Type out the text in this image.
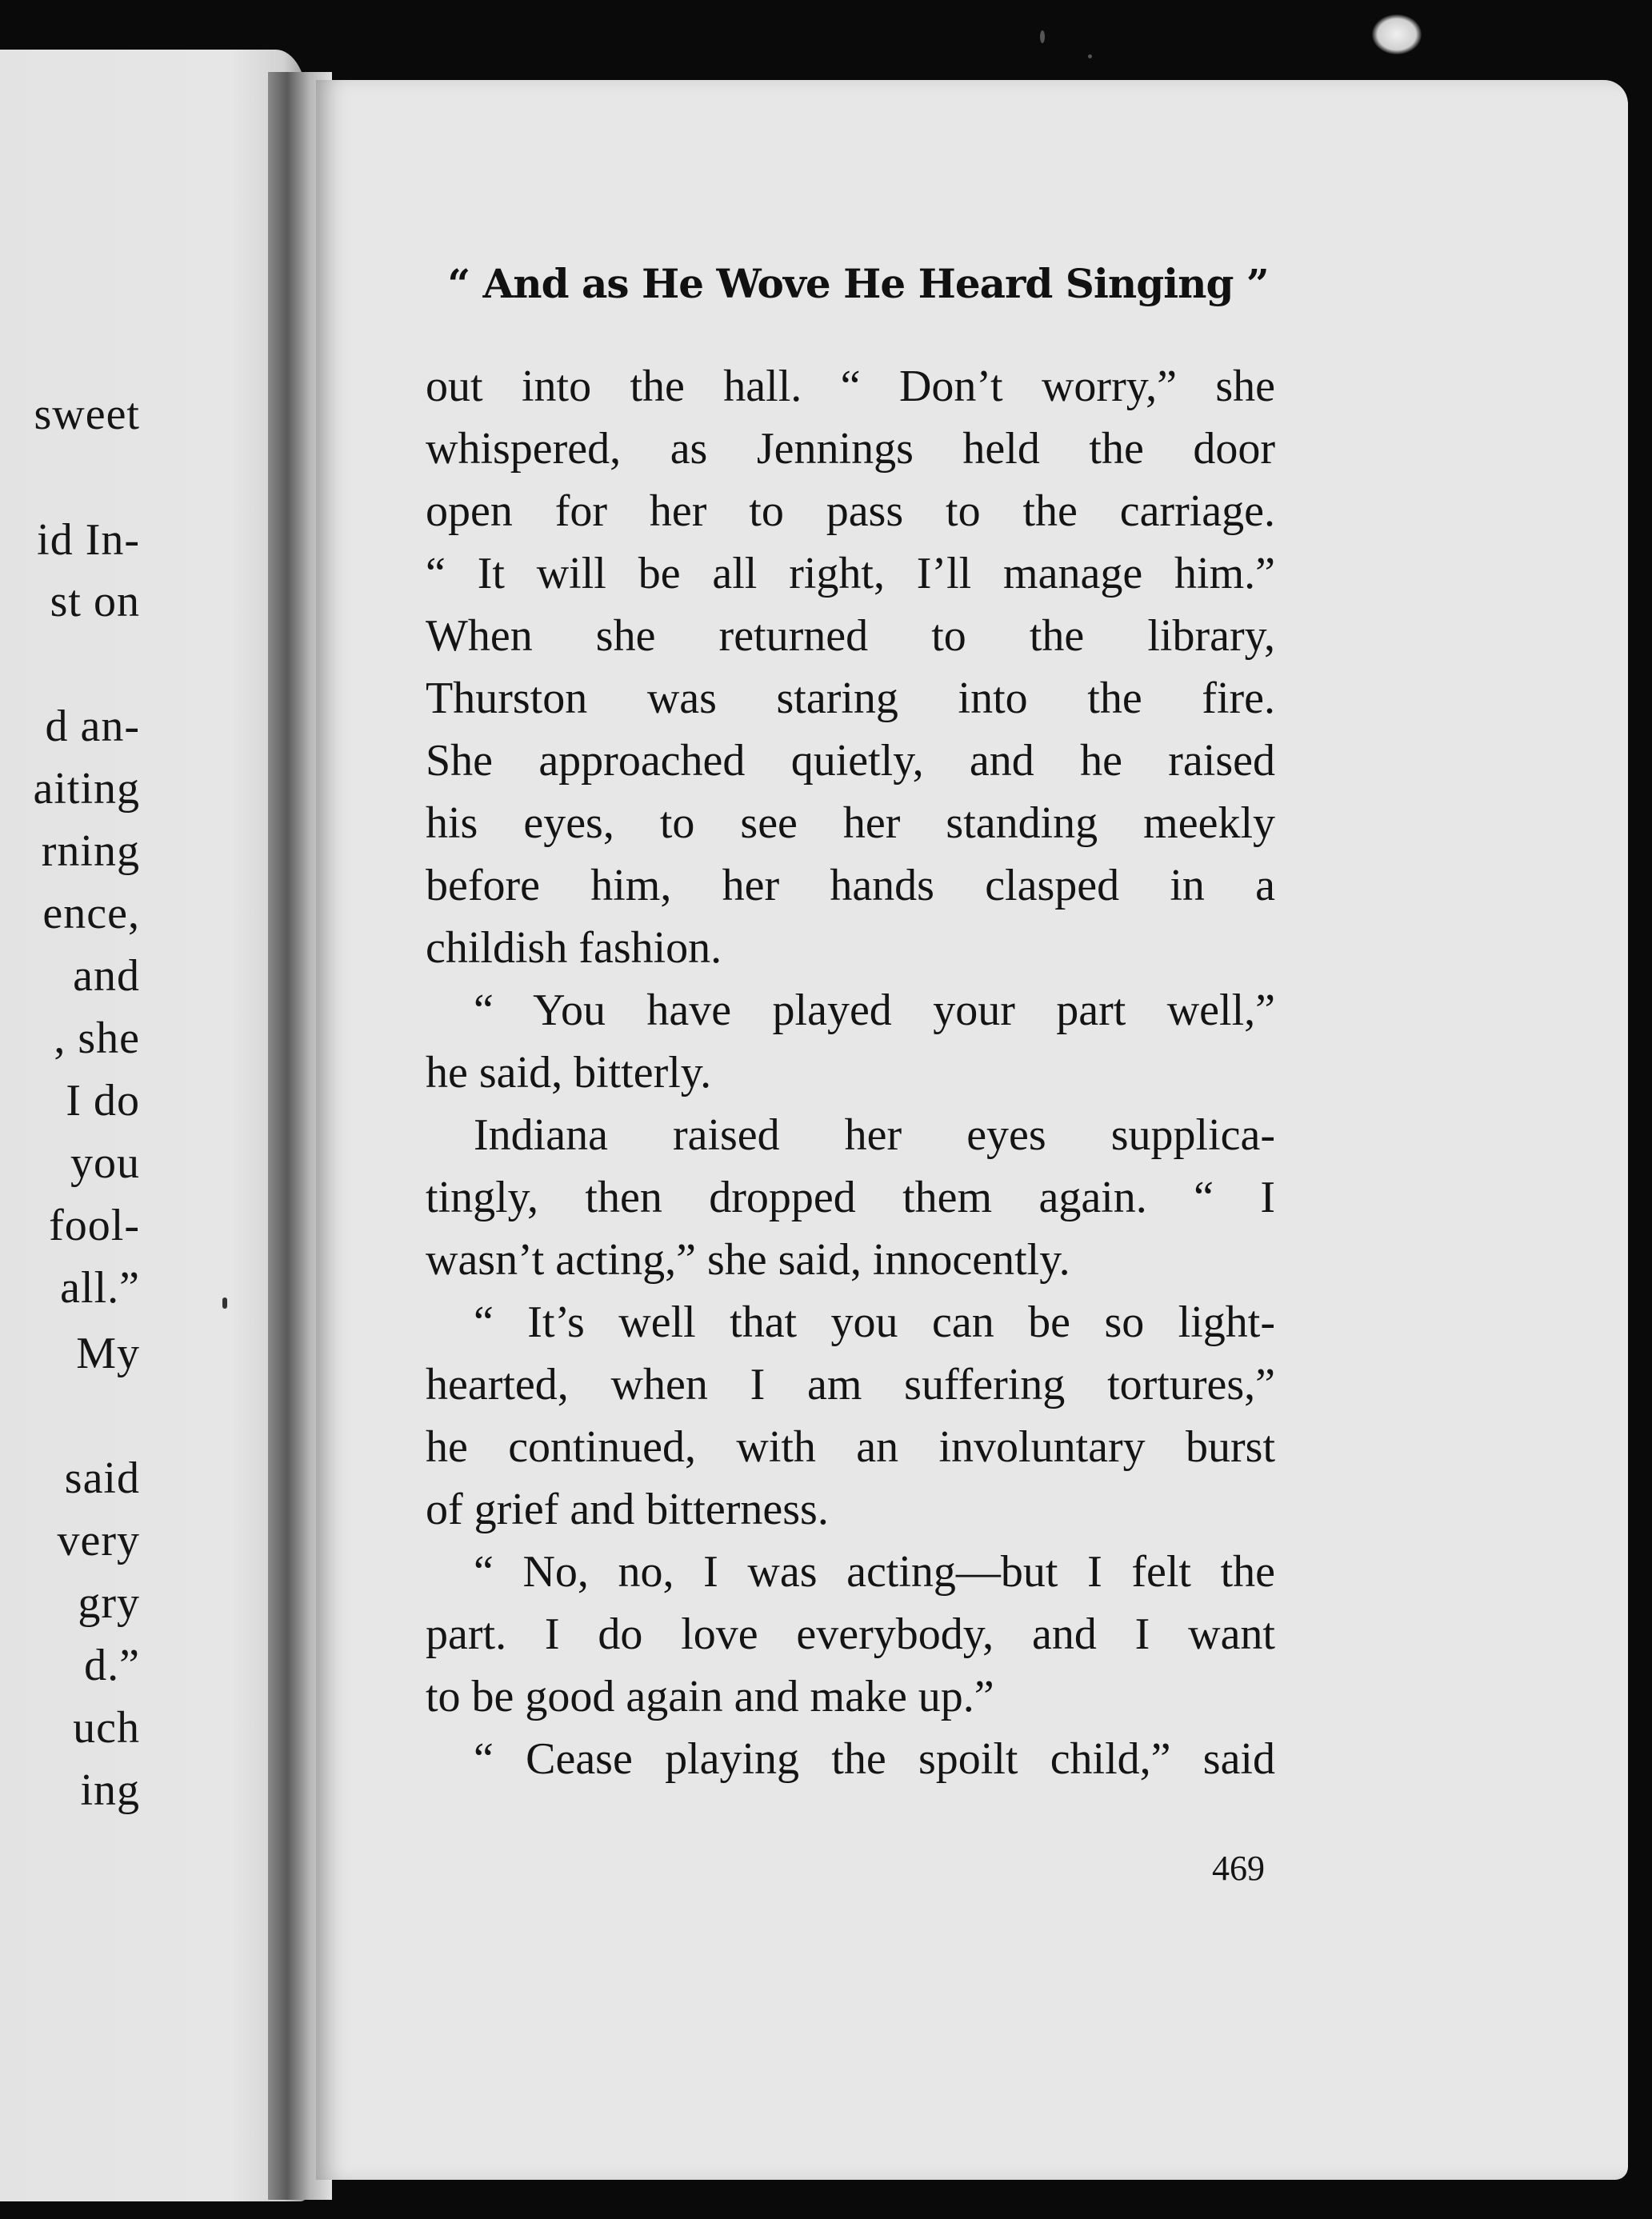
sweet
id In-
st on
d an-
aiting
rning
ence,
and
, she
I do
you
fool-
all.”
My
said
very
gry
d.”
uch
ing
“ And as He Wove He Heard Singing ”
out into the hall. “ Don’t worry,” she
whispered, as Jennings held the door
open for her to pass to the carriage.
“ It will be all right, I’ll manage him.”
When she returned to the library,
Thurston was staring into the fire.
She approached quietly, and he raised
his eyes, to see her standing meekly
before him, her hands clasped in a
childish fashion.
“ You have played your part well,”
he said, bitterly.
Indiana raised her eyes supplica-
tingly, then dropped them again. “ I
wasn’t acting,” she said, innocently.
“ It’s well that you can be so light-
hearted, when I am suffering tortures,”
he continued, with an involuntary burst
of grief and bitterness.
“ No, no, I was acting—but I felt the
part. I do love everybody, and I want
to be good again and make up.”
“ Cease playing the spoilt child,” said
469
